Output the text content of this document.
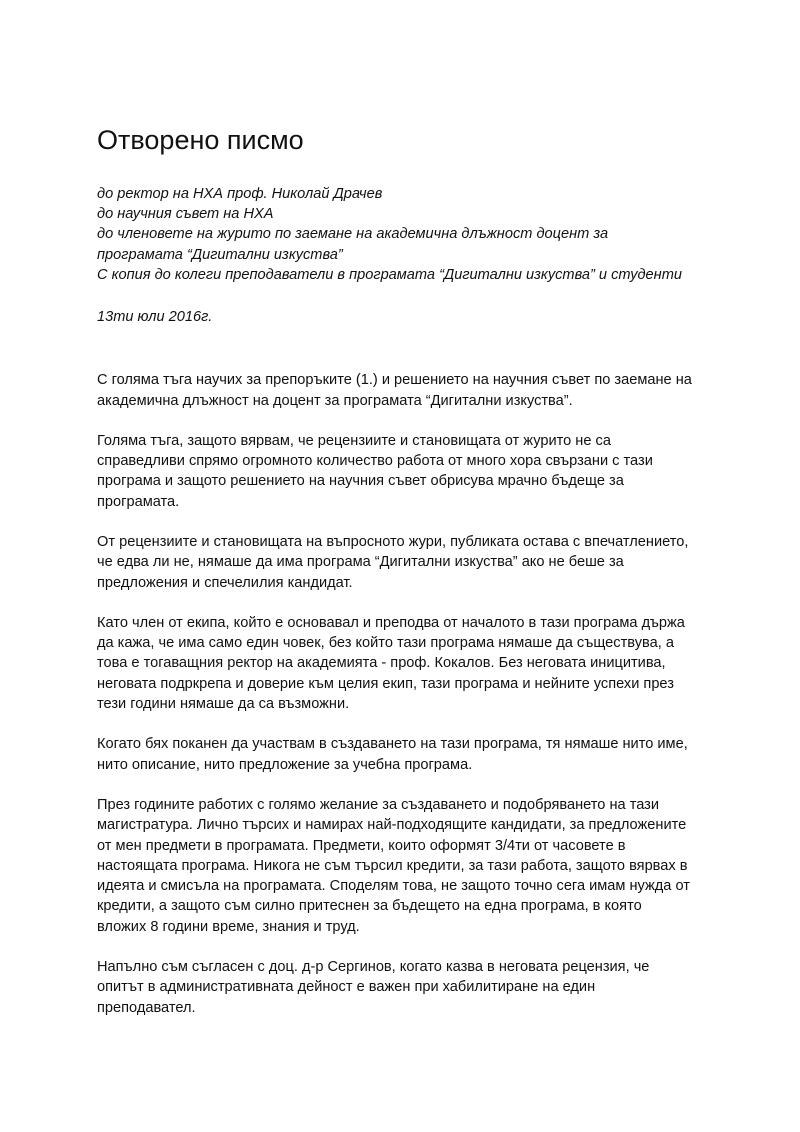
Отворено писмо
до ректор на НХА проф. Николай Драчев
до научния съвет на НХА
до членовете на журито по заемане на академична длъжност доцент за
програмата “Дигитални изкуства”
С копия до колеги преподаватели в програмата “Дигитални изкуства” и студенти
13ти юли 2016г.

С голяма тъга научих за препоръките (1.) и решението на научния съвет по заемане на
академична длъжност на доцент за програмата “Дигитални изкуства”.

Голяма тъга, защото вярвам, че рецензиите и становищата от журито не са
справедливи спрямо огромното количество работа от много хора свързани с тази
програма и защото решението на научния съвет обрисува мрачно бъдеще за
програмата.

От рецензиите и становищата на въпросното жури, публиката остава с впечатлението,
че едва ли не, нямаше да има програма “Дигитални изкуства” ако не беше за
предложения и спечелилия кандидат.

Като член от екипа, който е основавал и преподва от началото в тази програма държа
да кажа, че има само един човек, без който тази програма нямаше да съществува, а
това е тогаващния ректор на академията - проф. Кокалов. Без неговата иницитива,
неговата подркрепа и доверие към целия екип, тази програма и нейните успехи през
тези години нямаше да са възможни.

Когато бях поканен да участвам в създаването на тази програма, тя нямаше нито име,
нито описание, нито предложение за учебна програма.

През годините работих с голямо желание за създаването и подобряването на тази
магистратура. Лично търсих и намирах най-подходящите кандидати, за предложените
от мен предмети в програмата. Предмети, които оформят 3/4ти от часовете в
настоящата програма. Никога не съм търсил кредити, за тази работа, защото вярвах в
идеята и смисъла на програмата. Споделям това, не защото точно сега имам нужда от
кредити, а защото съм силно притеснен за бъдещето на една програма, в която
вложих 8 години време, знания и труд.

Напълно съм съгласен с доц. д-р Сергинов, когато казва в неговата рецензия, че
опитът в административната дейност е важен при хабилитиране на един
преподавател.
